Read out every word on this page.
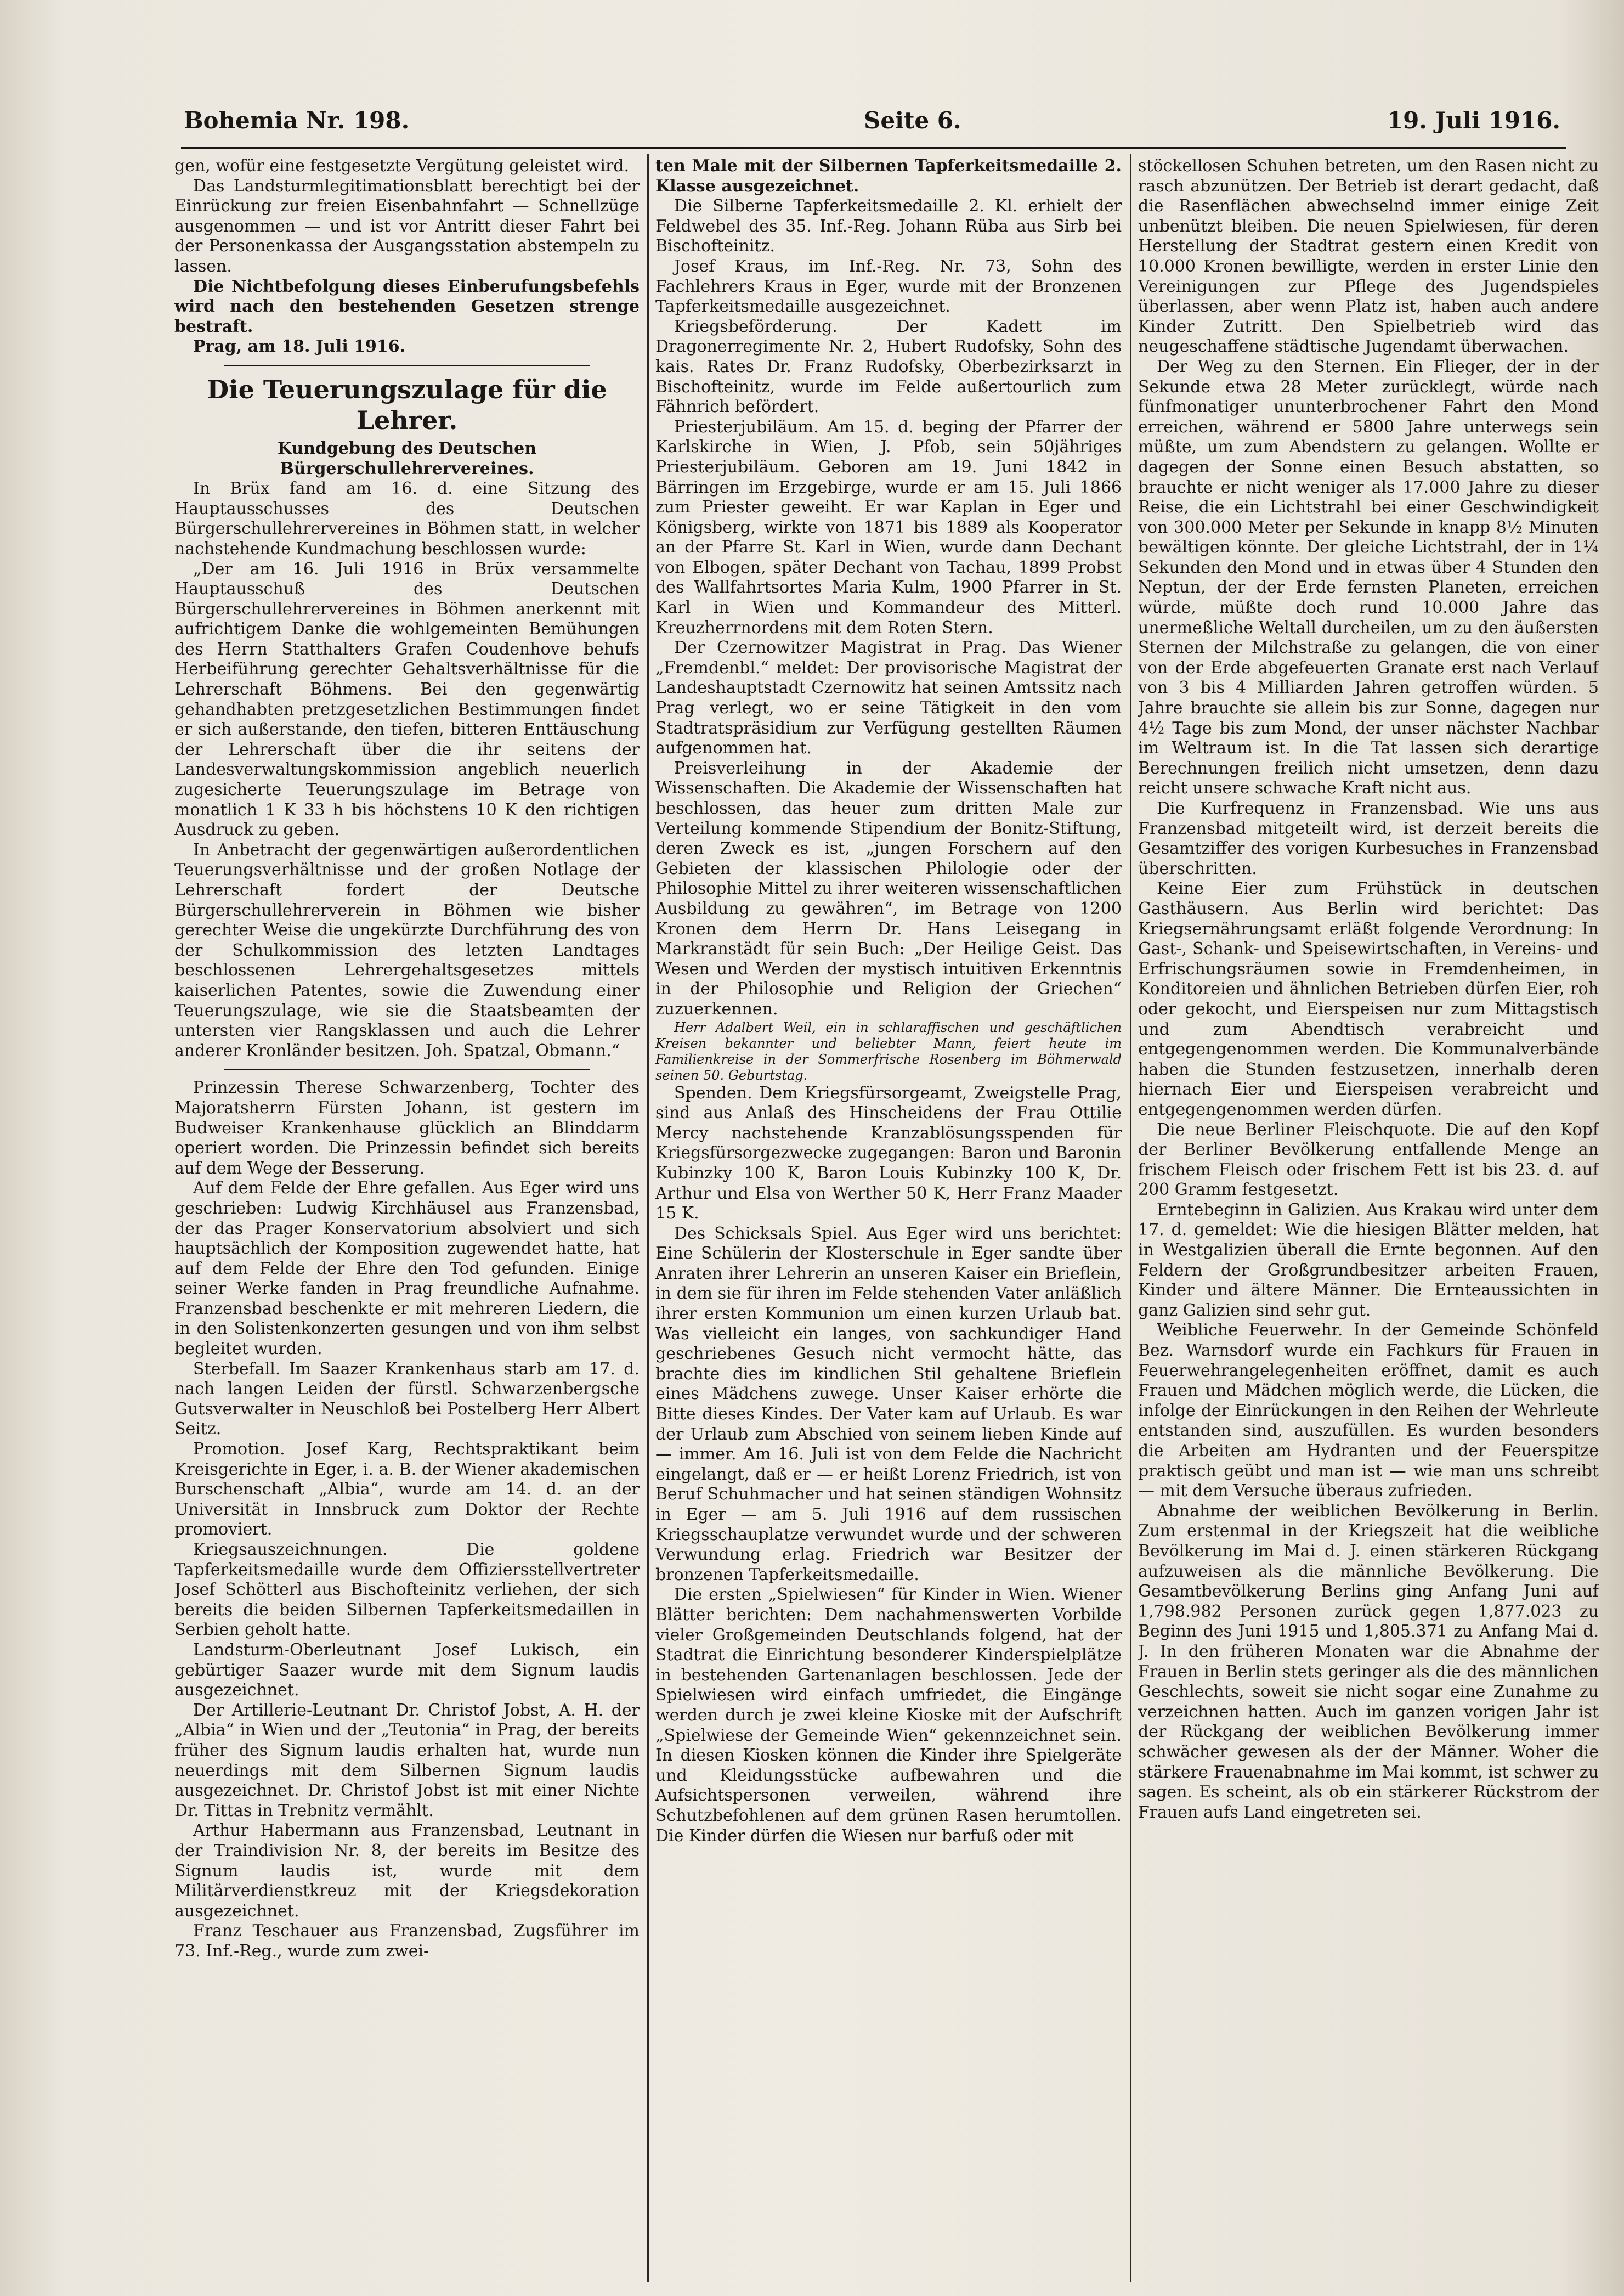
Bohemia Nr. 198.	Seite 6.	19. Juli 1916.

gen, wofür eine festgesetzte Vergütung geleistet wird.

Das Landsturmlegitimationsblatt berechtigt bei der Einrückung zur freien Eisenbahnfahrt — Schnellzüge ausgenommen — und ist vor Antritt dieser Fahrt bei der Personenkassa der Ausgangsstation abstempeln zu lassen.

Die Nichtbefolgung dieses Einberufungsbefehls wird nach den bestehenden Gesetzen strenge bestraft.

Prag, am 18. Juli 1916.

Die Teuerungszulage für die Lehrer.

Kundgebung des Deutschen Bürgerschullehrervereines.

In Brüx fand am 16. d. eine Sitzung des Hauptausschusses des Deutschen Bürgerschullehrervereines in Böhmen statt, in welcher nachstehende Kundmachung beschlossen wurde:

„Der am 16. Juli 1916 in Brüx versammelte Hauptausschuß des Deutschen Bürgerschullehrervereines in Böhmen anerkennt mit aufrichtigem Danke die wohlgemeinten Bemühungen des Herrn Statthalters Grafen Coudenhove behufs Herbeiführung gerechter Gehaltsverhältnisse für die Lehrerschaft Böhmens. Bei den gegenwärtig gehandhabten pretzgesetzlichen Bestimmungen findet er sich außerstande, den tiefen, bitteren Enttäuschung der Lehrerschaft über die ihr seitens der Landesverwaltungskommission angeblich neuerlich zugesicherte Teuerungszulage im Betrage von monatlich 1 K 33 h bis höchstens 10 K den richtigen Ausdruck zu geben.

In Anbetracht der gegenwärtigen außerordentlichen Teuerungsverhältnisse und der großen Notlage der Lehrerschaft fordert der Deutsche Bürgerschullehrerverein in Böhmen wie bisher gerechter Weise die ungekürzte Durchführung des von der Schulkommission des letzten Landtages beschlossenen Lehrergehaltsgesetzes mittels kaiserlichen Patentes, sowie die Zuwendung einer Teuerungszulage, wie sie die Staatsbeamten der untersten vier Rangsklassen und auch die Lehrer anderer Kronländer besitzen. Joh. Spatzal, Obmann.“

Prinzessin Therese Schwarzenberg, Tochter des Majoratsherrn Fürsten Johann, ist gestern im Budweiser Krankenhause glücklich an Blinddarm operiert worden. Die Prinzessin befindet sich bereits auf dem Wege der Besserung.

Auf dem Felde der Ehre gefallen. Aus Eger wird uns geschrieben: Ludwig Kirchhäusel aus Franzensbad, der das Prager Konservatorium absolviert und sich hauptsächlich der Komposition zugewendet hatte, hat auf dem Felde der Ehre den Tod gefunden. Einige seiner Werke fanden in Prag freundliche Aufnahme. Franzensbad beschenkte er mit mehreren Liedern, die in den Solistenkonzerten gesungen und von ihm selbst begleitet wurden.

Sterbefall. Im Saazer Krankenhaus starb am 17. d. nach langen Leiden der fürstl. Schwarzenbergsche Gutsverwalter in Neuschloß bei Postelberg Herr Albert Seitz.

Promotion. Josef Karg, Rechtspraktikant beim Kreisgerichte in Eger, i. a. B. der Wiener akademischen Burschenschaft „Albia“, wurde am 14. d. an der Universität in Innsbruck zum Doktor der Rechte promoviert.

Kriegsauszeichnungen. Die goldene Tapferkeitsmedaille wurde dem Offiziersstellvertreter Josef Schötterl aus Bischofteinitz verliehen, der sich bereits die beiden Silbernen Tapferkeitsmedaillen in Serbien geholt hatte.

Landsturm-Oberleutnant Josef Lukisch, ein gebürtiger Saazer wurde mit dem Signum laudis ausgezeichnet.

Der Artillerie-Leutnant Dr. Christof Jobst, A. H. der „Albia“ in Wien und der „Teutonia“ in Prag, der bereits früher des Signum laudis erhalten hat, wurde nun neuerdings mit dem Silbernen Signum laudis ausgezeichnet. Dr. Christof Jobst ist mit einer Nichte Dr. Tittas in Trebnitz vermählt.

Arthur Habermann aus Franzensbad, Leutnant in der Traindivision Nr. 8, der bereits im Besitze des Signum laudis ist, wurde mit dem Militärverdienstkreuz mit der Kriegsdekoration ausgezeichnet.

Franz Teschauer aus Franzensbad, Zugsführer im 73. Inf.-Reg., wurde zum zwei-

ten Male mit der Silbernen Tapferkeitsmedaille 2. Klasse ausgezeichnet.

Die Silberne Tapferkeitsmedaille 2. Kl. erhielt der Feldwebel des 35. Inf.-Reg. Johann Rüba aus Sirb bei Bischofteinitz.

Josef Kraus, im Inf.-Reg. Nr. 73, Sohn des Fachlehrers Kraus in Eger, wurde mit der Bronzenen Tapferkeitsmedaille ausgezeichnet.

Kriegsbeförderung. Der Kadett im Dragonerregimente Nr. 2, Hubert Rudofsky, Sohn des kais. Rates Dr. Franz Rudofsky, Oberbezirksarzt in Bischofteinitz, wurde im Felde außertourlich zum Fähnrich befördert.

Priesterjubiläum. Am 15. d. beging der Pfarrer der Karlskirche in Wien, J. Pfob, sein 50jähriges Priesterjubiläum. Geboren am 19. Juni 1842 in Bärringen im Erzgebirge, wurde er am 15. Juli 1866 zum Priester geweiht. Er war Kaplan in Eger und Königsberg, wirkte von 1871 bis 1889 als Kooperator an der Pfarre St. Karl in Wien, wurde dann Dechant von Elbogen, später Dechant von Tachau, 1899 Probst des Wallfahrtsortes Maria Kulm, 1900 Pfarrer in St. Karl in Wien und Kommandeur des Mitterl. Kreuzherrnordens mit dem Roten Stern.

Der Czernowitzer Magistrat in Prag. Das Wiener „Fremdenbl.“ meldet: Der provisorische Magistrat der Landeshauptstadt Czernowitz hat seinen Amtssitz nach Prag verlegt, wo er seine Tätigkeit in den vom Stadtratspräsidium zur Verfügung gestellten Räumen aufgenommen hat.

Preisverleihung in der Akademie der Wissenschaften. Die Akademie der Wissenschaften hat beschlossen, das heuer zum dritten Male zur Verteilung kommende Stipendium der Bonitz-Stiftung, deren Zweck es ist, „jungen Forschern auf den Gebieten der klassischen Philologie oder der Philosophie Mittel zu ihrer weiteren wissenschaftlichen Ausbildung zu gewähren“, im Betrage von 1200 Kronen dem Herrn Dr. Hans Leisegang in Markranstädt für sein Buch: „Der Heilige Geist. Das Wesen und Werden der mystisch intuitiven Erkenntnis in der Philosophie und Religion der Griechen“ zuzuerkennen.

Herr Adalbert Weil, ein in schlaraffischen und geschäftlichen Kreisen bekannter und beliebter Mann, feiert heute im Familienkreise in der Sommerfrische Rosenberg im Böhmerwald seinen 50. Geburtstag.

Spenden. Dem Kriegsfürsorgeamt, Zweigstelle Prag, sind aus Anlaß des Hinscheidens der Frau Ottilie Mercy nachstehende Kranzablösungsspenden für Kriegsfürsorgezwecke zugegangen: Baron und Baronin Kubinzky 100 K, Baron Louis Kubinzky 100 K, Dr. Arthur und Elsa von Werther 50 K, Herr Franz Maader 15 K.

Des Schicksals Spiel. Aus Eger wird uns berichtet: Eine Schülerin der Klosterschule in Eger sandte über Anraten ihrer Lehrerin an unseren Kaiser ein Brieflein, in dem sie für ihren im Felde stehenden Vater anläßlich ihrer ersten Kommunion um einen kurzen Urlaub bat. Was vielleicht ein langes, von sachkundiger Hand geschriebenes Gesuch nicht vermocht hätte, das brachte dies im kindlichen Stil gehaltene Brieflein eines Mädchens zuwege. Unser Kaiser erhörte die Bitte dieses Kindes. Der Vater kam auf Urlaub. Es war der Urlaub zum Abschied von seinem lieben Kinde auf — immer. Am 16. Juli ist von dem Felde die Nachricht eingelangt, daß er — er heißt Lorenz Friedrich, ist von Beruf Schuhmacher und hat seinen ständigen Wohnsitz in Eger — am 5. Juli 1916 auf dem russischen Kriegsschauplatze verwundet wurde und der schweren Verwundung erlag. Friedrich war Besitzer der bronzenen Tapferkeitsmedaille.

Die ersten „Spielwiesen“ für Kinder in Wien. Wiener Blätter berichten: Dem nachahmenswerten Vorbilde vieler Großgemeinden Deutschlands folgend, hat der Stadtrat die Einrichtung besonderer Kinderspielplätze in bestehenden Gartenanlagen beschlossen. Jede der Spielwiesen wird einfach umfriedet, die Eingänge werden durch je zwei kleine Kioske mit der Aufschrift „Spielwiese der Gemeinde Wien“ gekennzeichnet sein. In diesen Kiosken können die Kinder ihre Spielgeräte und Kleidungsstücke aufbewahren und die Aufsichtspersonen verweilen, während ihre Schutzbefohlenen auf dem grünen Rasen herumtollen. Die Kinder dürfen die Wiesen nur barfuß oder mit

stöckellosen Schuhen betreten, um den Rasen nicht zu rasch abzunützen. Der Betrieb ist derart gedacht, daß die Rasenflächen abwechselnd immer einige Zeit unbenützt bleiben. Die neuen Spielwiesen, für deren Herstellung der Stadtrat gestern einen Kredit von 10.000 Kronen bewilligte, werden in erster Linie den Vereinigungen zur Pflege des Jugendspieles überlassen, aber wenn Platz ist, haben auch andere Kinder Zutritt. Den Spielbetrieb wird das neugeschaffene städtische Jugendamt überwachen.

Der Weg zu den Sternen. Ein Flieger, der in der Sekunde etwa 28 Meter zurücklegt, würde nach fünfmonatiger ununterbrochener Fahrt den Mond erreichen, während er 5800 Jahre unterwegs sein müßte, um zum Abendstern zu gelangen. Wollte er dagegen der Sonne einen Besuch abstatten, so brauchte er nicht weniger als 17.000 Jahre zu dieser Reise, die ein Lichtstrahl bei einer Geschwindigkeit von 300.000 Meter per Sekunde in knapp 8½ Minuten bewältigen könnte. Der gleiche Lichtstrahl, der in 1¼ Sekunden den Mond und in etwas über 4 Stunden den Neptun, der der Erde fernsten Planeten, erreichen würde, müßte doch rund 10.000 Jahre das unermeßliche Weltall durcheilen, um zu den äußersten Sternen der Milchstraße zu gelangen, die von einer von der Erde abgefeuerten Granate erst nach Verlauf von 3 bis 4 Milliarden Jahren getroffen würden. 5 Jahre brauchte sie allein bis zur Sonne, dagegen nur 4½ Tage bis zum Mond, der unser nächster Nachbar im Weltraum ist. In die Tat lassen sich derartige Berechnungen freilich nicht umsetzen, denn dazu reicht unsere schwache Kraft nicht aus.

Die Kurfrequenz in Franzensbad. Wie uns aus Franzensbad mitgeteilt wird, ist derzeit bereits die Gesamtziffer des vorigen Kurbesuches in Franzensbad überschritten.

Keine Eier zum Frühstück in deutschen Gasthäusern. Aus Berlin wird berichtet: Das Kriegsernährungsamt erläßt folgende Verordnung: In Gast-, Schank- und Speisewirtschaften, in Vereins- und Erfrischungsräumen sowie in Fremdenheimen, in Konditoreien und ähnlichen Betrieben dürfen Eier, roh oder gekocht, und Eierspeisen nur zum Mittagstisch und zum Abendtisch verabreicht und entgegengenommen werden. Die Kommunalverbände haben die Stunden festzusetzen, innerhalb deren hiernach Eier und Eierspeisen verabreicht und entgegengenommen werden dürfen.

Die neue Berliner Fleischquote. Die auf den Kopf der Berliner Bevölkerung entfallende Menge an frischem Fleisch oder frischem Fett ist bis 23. d. auf 200 Gramm festgesetzt.

Erntebeginn in Galizien. Aus Krakau wird unter dem 17. d. gemeldet: Wie die hiesigen Blätter melden, hat in Westgalizien überall die Ernte begonnen. Auf den Feldern der Großgrundbesitzer arbeiten Frauen, Kinder und ältere Männer. Die Ernteaussichten in ganz Galizien sind sehr gut.

Weibliche Feuerwehr. In der Gemeinde Schönfeld Bez. Warnsdorf wurde ein Fachkurs für Frauen in Feuerwehrangelegenheiten eröffnet, damit es auch Frauen und Mädchen möglich werde, die Lücken, die infolge der Einrückungen in den Reihen der Wehrleute entstanden sind, auszufüllen. Es wurden besonders die Arbeiten am Hydranten und der Feuerspitze praktisch geübt und man ist — wie man uns schreibt — mit dem Versuche überaus zufrieden.

Abnahme der weiblichen Bevölkerung in Berlin. Zum erstenmal in der Kriegszeit hat die weibliche Bevölkerung im Mai d. J. einen stärkeren Rückgang aufzuweisen als die männliche Bevölkerung. Die Gesamtbevölkerung Berlins ging Anfang Juni auf 1,798.982 Personen zurück gegen 1,877.023 zu Beginn des Juni 1915 und 1,805.371 zu Anfang Mai d. J. In den früheren Monaten war die Abnahme der Frauen in Berlin stets geringer als die des männlichen Geschlechts, soweit sie nicht sogar eine Zunahme zu verzeichnen hatten. Auch im ganzen vorigen Jahr ist der Rückgang der weiblichen Bevölkerung immer schwächer gewesen als der der Männer. Woher die stärkere Frauenabnahme im Mai kommt, ist schwer zu sagen. Es scheint, als ob ein stärkerer Rückstrom der Frauen aufs Land eingetreten sei.
